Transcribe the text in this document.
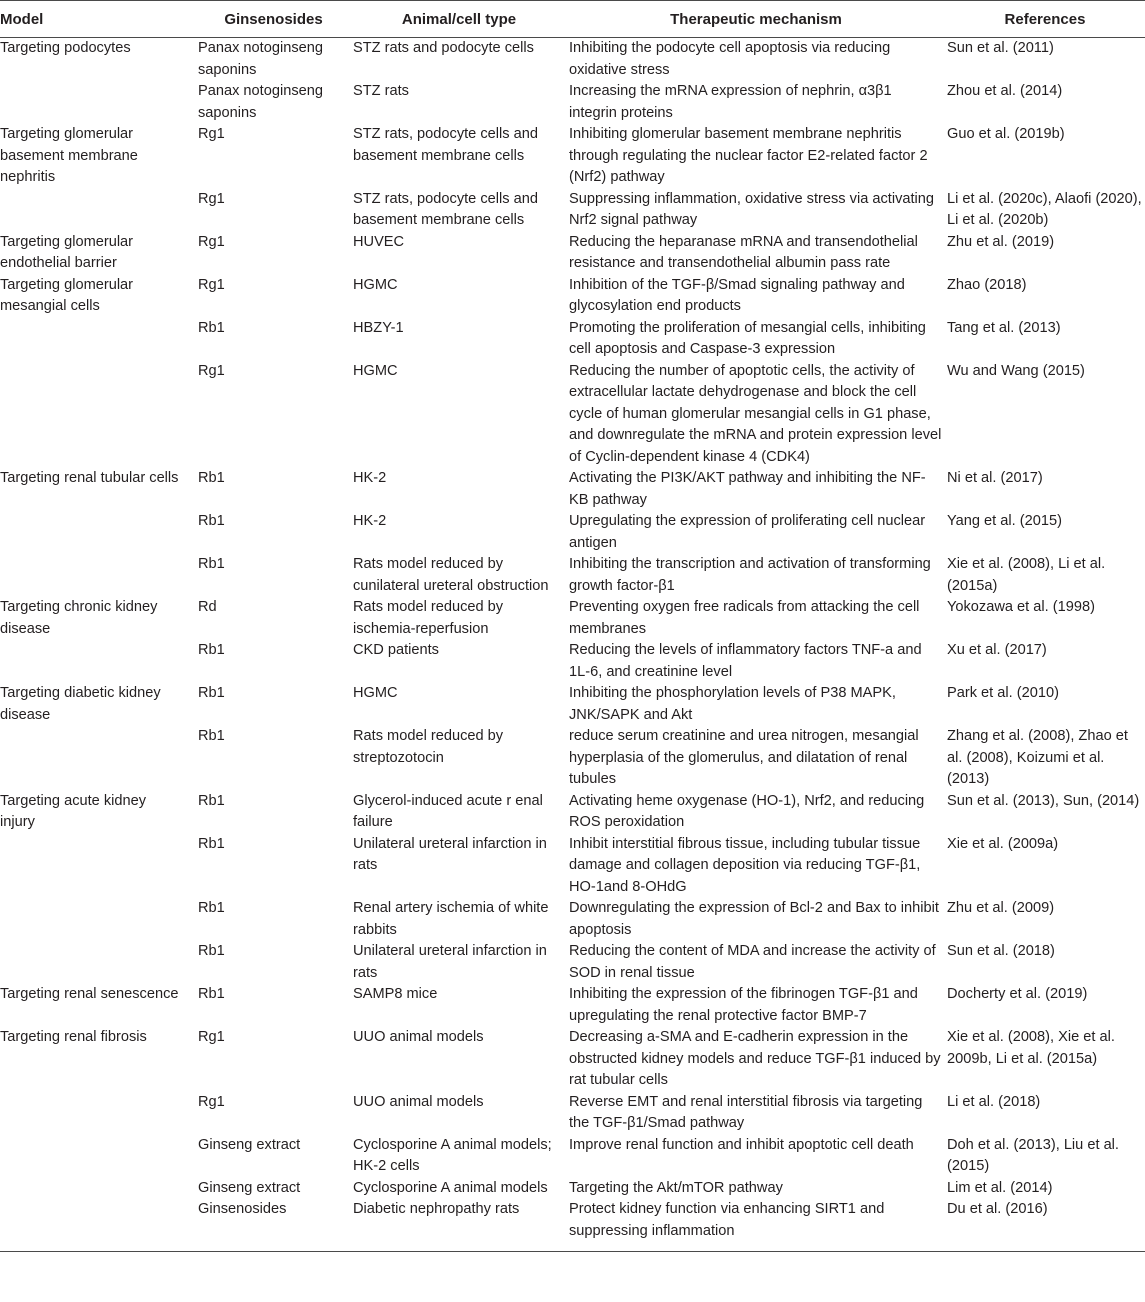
Model	Ginsenosides	Animal/cell type	Therapeutic mechanism	References
Targeting podocytes	Panax notoginseng saponins	STZ rats and podocyte cells	Inhibiting the podocyte cell apoptosis via reducing oxidative stress	Sun et al. (2011)
	Panax notoginseng saponins	STZ rats	Increasing the mRNA expression of nephrin, α3β1 integrin proteins	Zhou et al. (2014)
Targeting glomerular basement membrane nephritis	Rg1	STZ rats, podocyte cells and basement membrane cells	Inhibiting glomerular basement membrane nephritis through regulating the nuclear factor E2-related factor 2 (Nrf2) pathway	Guo et al. (2019b)
	Rg1	STZ rats, podocyte cells and basement membrane cells	Suppressing inflammation, oxidative stress via activating Nrf2 signal pathway	Li et al. (2020c), Alaofi (2020), Li et al. (2020b)
Targeting glomerular endothelial barrier	Rg1	HUVEC	Reducing the heparanase mRNA and transendothelial resistance and transendothelial albumin pass rate	Zhu et al. (2019)
Targeting glomerular mesangial cells	Rg1	HGMC	Inhibition of the TGF-β/Smad signaling pathway and glycosylation end products	Zhao (2018)
	Rb1	HBZY-1	Promoting the proliferation of mesangial cells, inhibiting cell apoptosis and Caspase-3 expression	Tang et al. (2013)
	Rg1	HGMC	Reducing the number of apoptotic cells, the activity of extracellular lactate dehydrogenase and block the cell cycle of human glomerular mesangial cells in G1 phase, and downregulate the mRNA and protein expression level of Cyclin-dependent kinase 4 (CDK4)	Wu and Wang (2015)
Targeting renal tubular cells	Rb1	HK-2	Activating the PI3K/AKT pathway and inhibiting the NF-KB pathway	Ni et al. (2017)
	Rb1	HK-2	Upregulating the expression of proliferating cell nuclear antigen	Yang et al. (2015)
	Rb1	Rats model reduced by cunilateral ureteral obstruction	Inhibiting the transcription and activation of transforming growth factor-β1	Xie et al. (2008), Li et al. (2015a)
Targeting chronic kidney disease	Rd	Rats model reduced by ischemia-reperfusion	Preventing oxygen free radicals from attacking the cell membranes	Yokozawa et al. (1998)
	Rb1	CKD patients	Reducing the levels of inflammatory factors TNF-a and 1L-6, and creatinine level	Xu et al. (2017)
Targeting diabetic kidney disease	Rb1	HGMC	Inhibiting the phosphorylation levels of P38 MAPK, JNK/SAPK and Akt	Park et al. (2010)
	Rb1	Rats model reduced by streptozotocin	reduce serum creatinine and urea nitrogen, mesangial hyperplasia of the glomerulus, and dilatation of renal tubules	Zhang et al. (2008), Zhao et al. (2008), Koizumi et al. (2013)
Targeting acute kidney injury	Rb1	Glycerol-induced acute r enal failure	Activating heme oxygenase (HO-1), Nrf2, and reducing ROS peroxidation	Sun et al. (2013), Sun, (2014)
	Rb1	Unilateral ureteral infarction in rats	Inhibit interstitial fibrous tissue, including tubular tissue damage and collagen deposition via reducing TGF-β1, HO-1and 8-OHdG	Xie et al. (2009a)
	Rb1	Renal artery ischemia of white rabbits	Downregulating the expression of Bcl-2 and Bax to inhibit apoptosis	Zhu et al. (2009)
	Rb1	Unilateral ureteral infarction in rats	Reducing the content of MDA and increase the activity of SOD in renal tissue	Sun et al. (2018)
Targeting renal senescence	Rb1	SAMP8 mice	Inhibiting the expression of the fibrinogen TGF-β1 and upregulating the renal protective factor BMP-7	Docherty et al. (2019)
Targeting renal fibrosis	Rg1	UUO animal models	Decreasing a-SMA and E-cadherin expression in the obstructed kidney models and reduce TGF-β1 induced by rat tubular cells	Xie et al. (2008), Xie et al. 2009b, Li et al. (2015a)
	Rg1	UUO animal models	Reverse EMT and renal interstitial fibrosis via targeting the TGF-β1/Smad pathway	Li et al. (2018)
	Ginseng extract	Cyclosporine A animal models; HK-2 cells	Improve renal function and inhibit apoptotic cell death	Doh et al. (2013), Liu et al. (2015)
	Ginseng extract	Cyclosporine A animal models	Targeting the Akt/mTOR pathway	Lim et al. (2014)
	Ginsenosides	Diabetic nephropathy rats	Protect kidney function via enhancing SIRT1 and suppressing inflammation	Du et al. (2016)
